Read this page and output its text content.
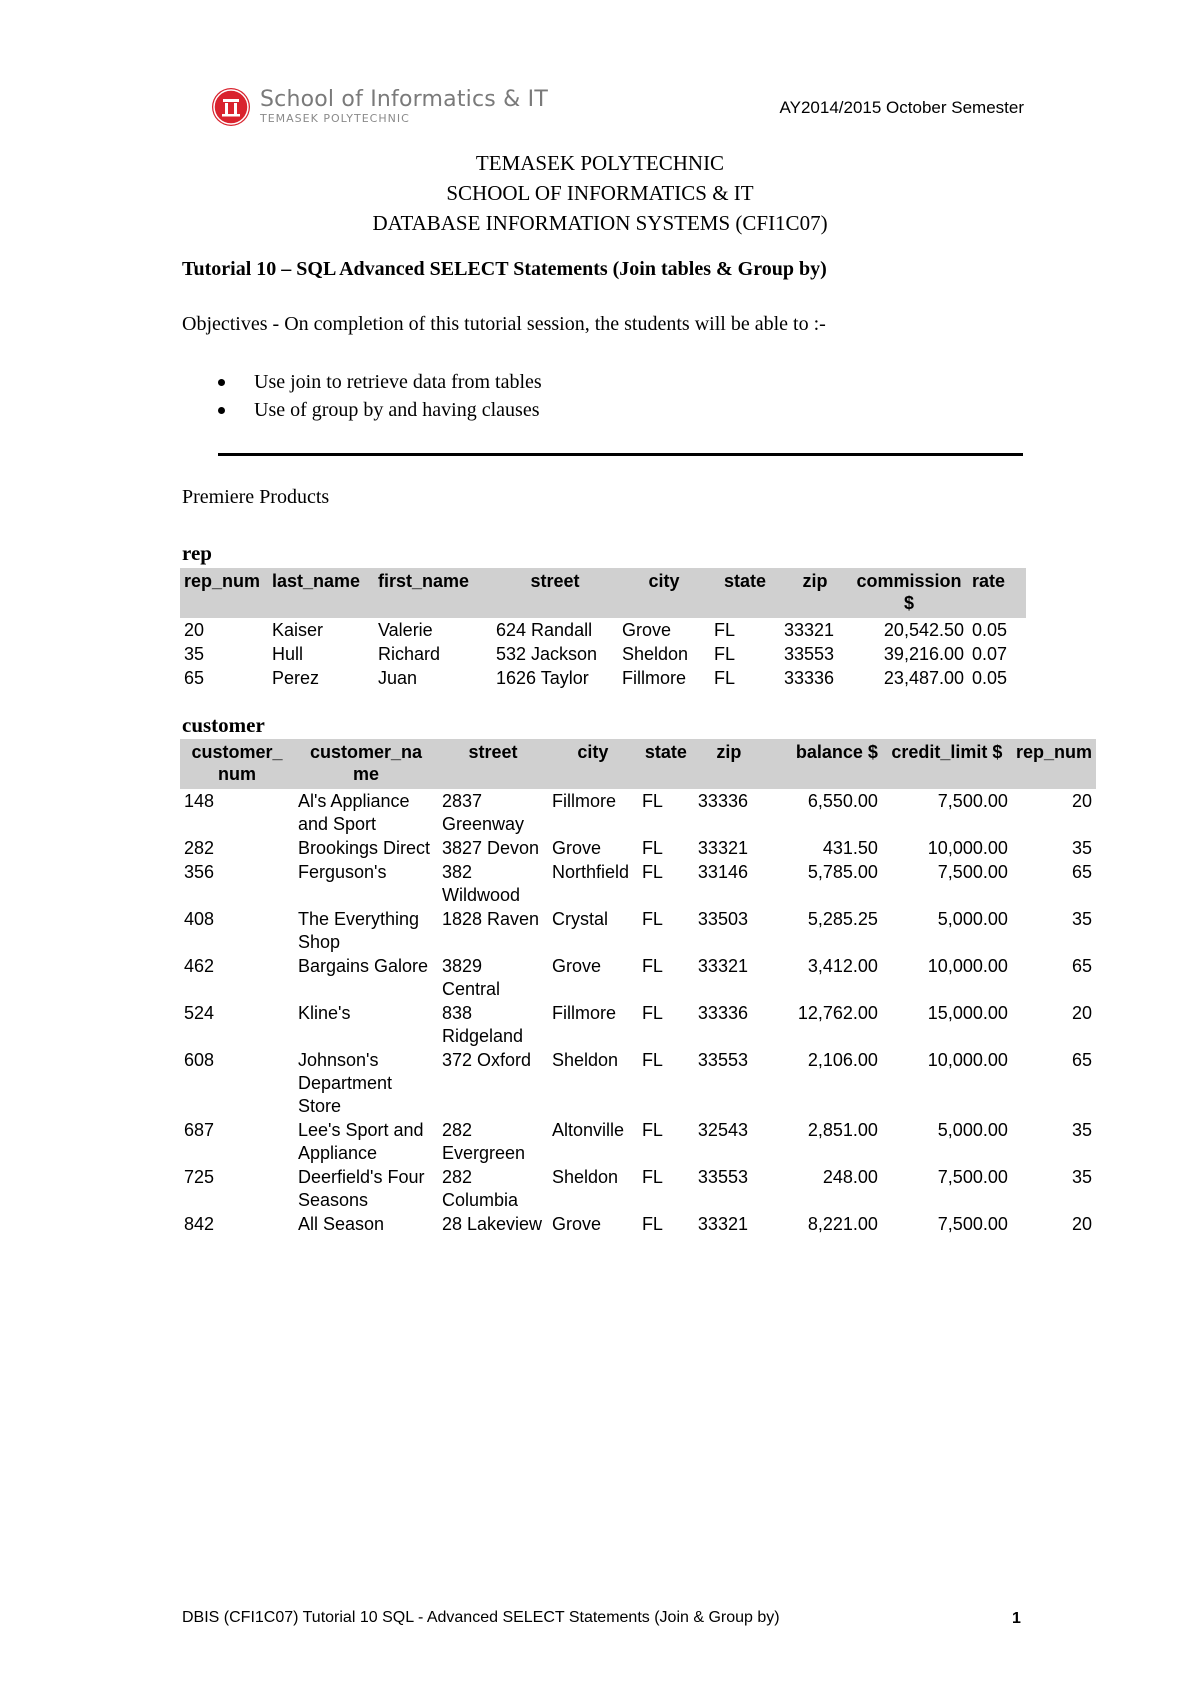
School of Informatics & IT
TEMASEK POLYTECHNIC
AY2014/2015 October Semester
TEMASEK POLYTECHNIC
SCHOOL OF INFORMATICS & IT
DATABASE INFORMATION SYSTEMS (CFI1C07)
Tutorial 10 – SQL Advanced SELECT Statements (Join tables & Group by)
Objectives - On completion of this tutorial session, the students will be able to :-
Use join to retrieve data from tables
Use of group by and having clauses
Premiere Products
rep
rep_num	last_name	first_name	street	city	state	zip	commission $	rate
20	Kaiser	Valerie	624 Randall	Grove	FL	33321	20,542.50	0.05
35	Hull	Richard	532 Jackson	Sheldon	FL	33553	39,216.00	0.07
65	Perez	Juan	1626 Taylor	Fillmore	FL	33336	23,487.00	0.05
customer
customer_ num	customer_na me	street	city	state	zip	balance $	credit_limit $	rep_num
148	Al's Appliance and Sport	2837 Greenway	Fillmore	FL	33336	6,550.00	7,500.00	20
282	Brookings Direct	3827 Devon	Grove	FL	33321	431.50	10,000.00	35
356	Ferguson's	382 Wildwood	Northfield	FL	33146	5,785.00	7,500.00	65
408	The Everything Shop	1828 Raven	Crystal	FL	33503	5,285.25	5,000.00	35
462	Bargains Galore	3829 Central	Grove	FL	33321	3,412.00	10,000.00	65
524	Kline's	838 Ridgeland	Fillmore	FL	33336	12,762.00	15,000.00	20
608	Johnson's Department Store	372 Oxford	Sheldon	FL	33553	2,106.00	10,000.00	65
687	Lee's Sport and Appliance	282 Evergreen	Altonville	FL	32543	2,851.00	5,000.00	35
725	Deerfield's Four Seasons	282 Columbia	Sheldon	FL	33553	248.00	7,500.00	35
842	All Season	28 Lakeview	Grove	FL	33321	8,221.00	7,500.00	20
DBIS (CFI1C07) Tutorial 10 SQL - Advanced SELECT Statements (Join & Group by)	1
